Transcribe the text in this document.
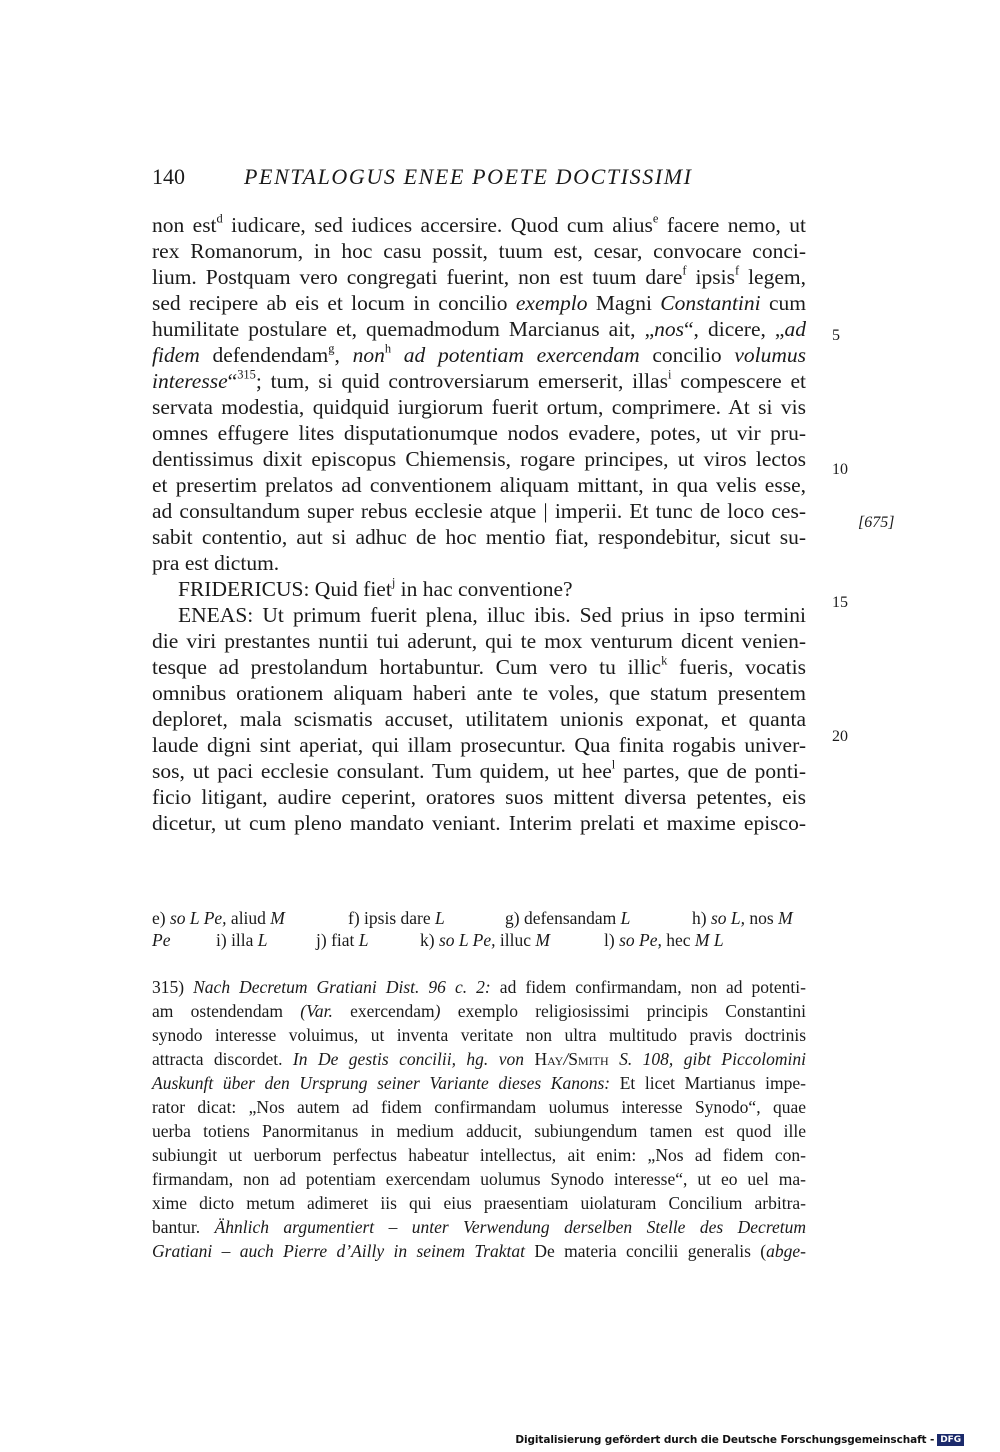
140	PENTALOGUS ENEE POETE DOCTISSIMI
non est$^d$ iudicare, sed iudices accersire. Quod cum alius$^e$ facere nemo, ut
rex Romanorum, in hoc casu possit, tuum est, cesar, convocare conci-
lium. Postquam vero congregati fuerint, non est tuum dare$^f$ ipsis$^f$ legem,
sed recipere ab eis et locum in concilio exemplo Magni Constantini cum
humilitate postulare et, quemadmodum Marcianus ait, „nos“, dicere, „ad
fidem defendendam$^g$, non$^h$ ad potentiam exercendam concilio volumus
interesse“$^{315}$; tum, si quid controversiarum emerserit, illas$^i$ compescere et
servata modestia, quidquid iurgiorum fuerit ortum, comprimere. At si vis
omnes effugere lites disputationumque nodos evadere, potes, ut vir pru-
dentissimus dixit episcopus Chiemensis, rogare principes, ut viros lectos
et presertim prelatos ad conventionem aliquam mittant, in qua velis esse,
ad consultandum super rebus ecclesie atque | imperii. Et tunc de loco ces-
sabit contentio, aut si adhuc de hoc mentio fiat, respondebitur, sicut su-
pra est dictum.
FRIDERICUS: Quid fiet$^j$ in hac conventione?
ENEAS: Ut primum fuerit plena, illuc ibis. Sed prius in ipso termini
die viri prestantes nuntii tui aderunt, qui te mox venturum dicent venien-
tesque ad prestolandum hortabuntur. Cum vero tu illic$^k$ fueris, vocatis
omnibus orationem aliquam haberi ante te voles, que statum presentem
deploret, mala scismatis accuset, utilitatem unionis exponat, et quanta
laude digni sint aperiat, qui illam prosecuntur. Qua finita rogabis univer-
sos, ut paci ecclesie consulant. Tum quidem, ut hee$^l$ partes, que de ponti-
ficio litigant, audire ceperint, oratores suos mittent diversa petentes, eis
dicetur, ut cum pleno mandato veniant. Interim prelati et maxime episco-
5
10
[675]
15
20
e) so L Pe, aliud M	f) ipsis dare L	g) defensandam L	h) so L, nos M
Pe	i) illa L	j) fiat L	k) so L Pe, illuc M	l) so Pe, hec M L
315) Nach Decretum Gratiani Dist. 96 c. 2: ad fidem confirmandam, non ad potenti-
am ostendendam (Var. exercendam) exemplo religiosissimi principis Constantini
synodo interesse voluimus, ut inventa veritate non ultra multitudo pravis doctrinis
attracta discordet. In De gestis concilii, hg. von Hay/Smith S. 108, gibt Piccolomini
Auskunft über den Ursprung seiner Variante dieses Kanons: Et licet Martianus impe-
rator dicat: „Nos autem ad fidem confirmandam uolumus interesse Synodo“, quae
uerba totiens Panormitanus in medium adducit, subiungendum tamen est quod ille
subiungit ut uerborum perfectus habeatur intellectus, ait enim: „Nos ad fidem con-
firmandam, non ad potentiam exercendam uolumus Synodo interesse“, ut eo uel ma-
xime dicto metum adimeret iis qui eius praesentiam uiolaturam Concilium arbitra-
bantur. Ähnlich argumentiert – unter Verwendung derselben Stelle des Decretum
Gratiani – auch Pierre d’Ailly in seinem Traktat De materia concilii generalis (abge-
Digitalisierung gefördert durch die Deutsche Forschungsgemeinschaft - DFG
